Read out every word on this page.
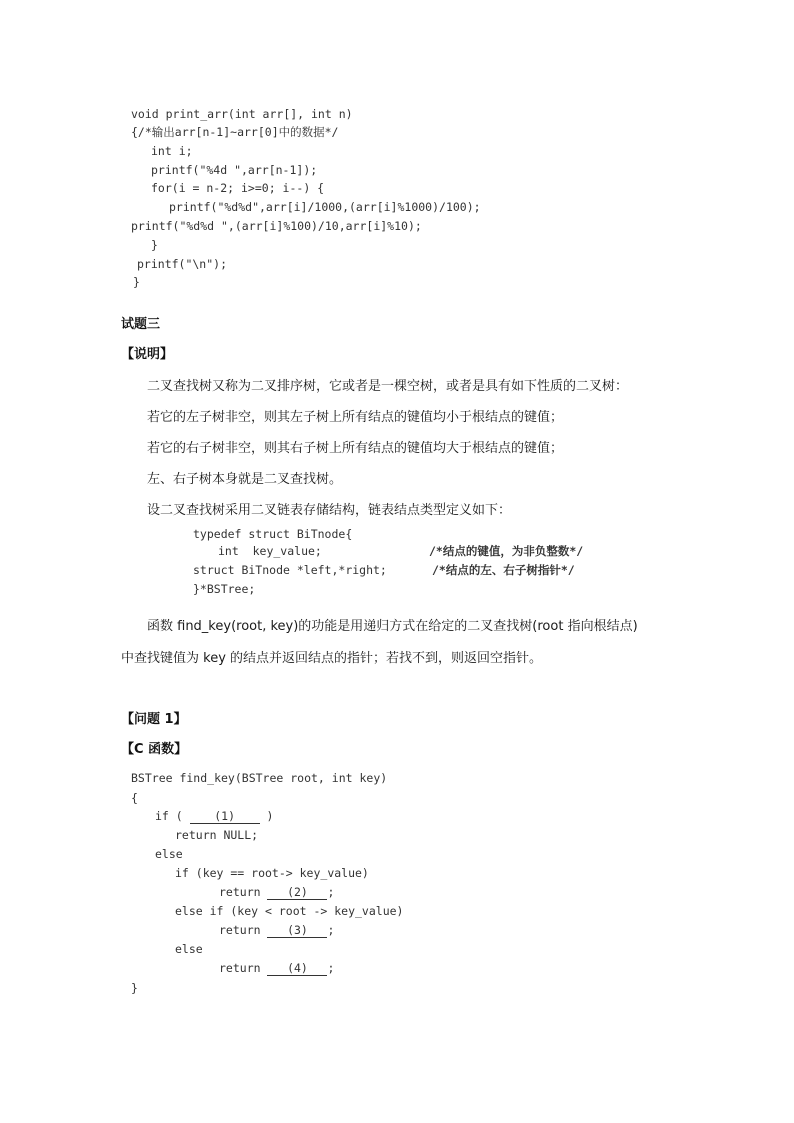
void print_arr(int arr[], int n)
{/*输出arr[n-1]~arr[0]中的数据*/
int i;
printf("%4d ",arr[n-1]);
for(i = n-2; i>=0; i--) {
printf("%d%d",arr[i]/1000,(arr[i]%1000)/100);
printf("%d%d ",(arr[i]%100)/10,arr[i]%10);
}
printf("\n");
}
试题三
【说明】
二叉查找树又称为二叉排序树，它或者是一棵空树，或者是具有如下性质的二叉树：
若它的左子树非空，则其左子树上所有结点的键值均小于根结点的键值；
若它的右子树非空，则其右子树上所有结点的键值均大于根结点的键值；
左、右子树本身就是二叉查找树。
设二叉查找树采用二叉链表存储结构，链表结点类型定义如下：
typedef struct BiTnode{
int  key_value;	/*结点的键值，为非负整数*/
struct BiTnode *left,*right;	/*结点的左、右子树指针*/
}*BSTree;
函数 find_key(root, key)的功能是用递归方式在给定的二叉查找树(root 指向根结点)
中查找键值为 key 的结点并返回结点的指针；若找不到，则返回空指针。
【问题 1】
【C 函数】
BSTree find_key(BSTree root, int key)
{
if ( (1) )
return NULL;
else
if (key == root-> key_value)
return (2) ;
else if (key < root -> key_value)
return (3) ;
else
return (4) ;
}
